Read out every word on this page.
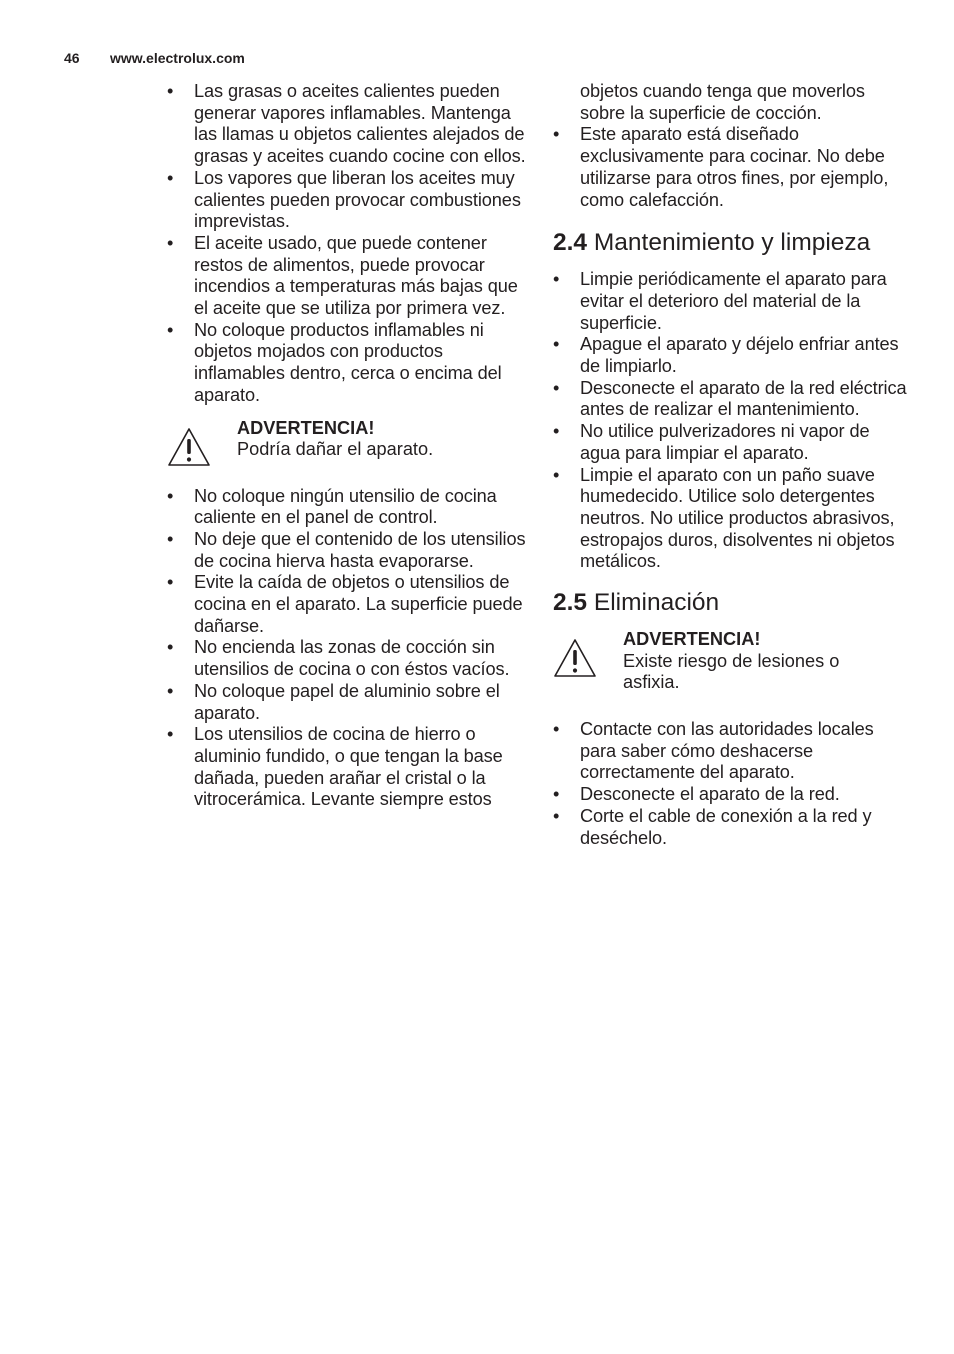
46 www.electrolux.com
• Las grasas o aceites calientes pueden generar vapores inflamables. Mantenga las llamas u objetos calientes alejados de grasas y aceites cuando cocine con ellos.
• Los vapores que liberan los aceites muy calientes pueden provocar combustiones imprevistas.
• El aceite usado, que puede contener restos de alimentos, puede provocar incendios a temperaturas más bajas que el aceite que se utiliza por primera vez.
• No coloque productos inflamables ni objetos mojados con productos inflamables dentro, cerca o encima del aparato.
ADVERTENCIA!
Podría dañar el aparato.
• No coloque ningún utensilio de cocina caliente en el panel de control.
• No deje que el contenido de los utensilios de cocina hierva hasta evaporarse.
• Evite la caída de objetos o utensilios de cocina en el aparato. La superficie puede dañarse.
• No encienda las zonas de cocción sin utensilios de cocina o con éstos vacíos.
• No coloque papel de aluminio sobre el aparato.
• Los utensilios de cocina de hierro o aluminio fundido, o que tengan la base dañada, pueden arañar el cristal o la vitrocerámica. Levante siempre estos
objetos cuando tenga que moverlos sobre la superficie de cocción.
• Este aparato está diseñado exclusivamente para cocinar. No debe utilizarse para otros fines, por ejemplo, como calefacción.
2.4 Mantenimiento y limpieza
• Limpie periódicamente el aparato para evitar el deterioro del material de la superficie.
• Apague el aparato y déjelo enfriar antes de limpiarlo.
• Desconecte el aparato de la red eléctrica antes de realizar el mantenimiento.
• No utilice pulverizadores ni vapor de agua para limpiar el aparato.
• Limpie el aparato con un paño suave humedecido. Utilice solo detergentes neutros. No utilice productos abrasivos, estropajos duros, disolventes ni objetos metálicos.
2.5 Eliminación
ADVERTENCIA!
Existe riesgo de lesiones o asfixia.
• Contacte con las autoridades locales para saber cómo deshacerse correctamente del aparato.
• Desconecte el aparato de la red.
• Corte el cable de conexión a la red y deséchelo.
